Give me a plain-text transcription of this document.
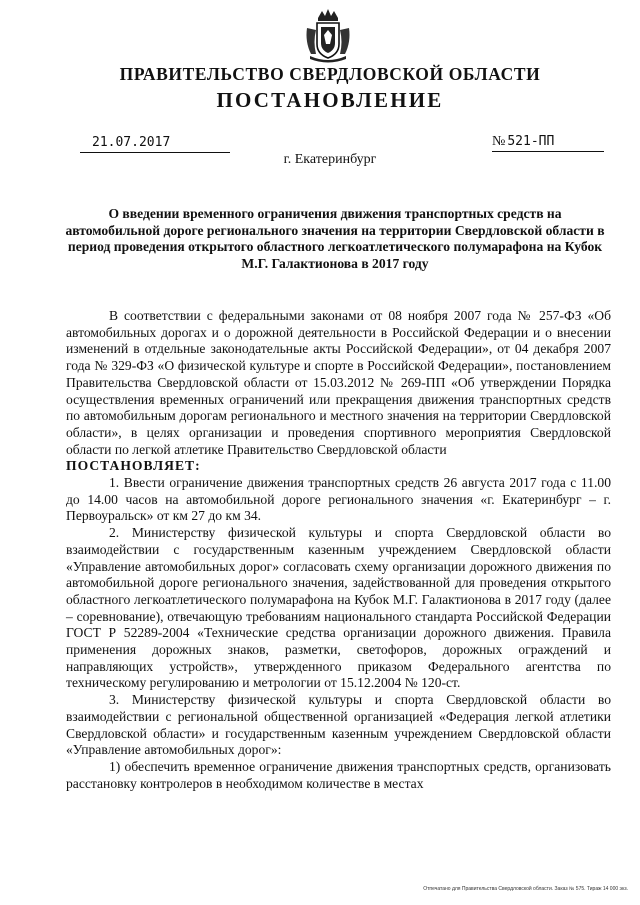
ПРАВИТЕЛЬСТВО СВЕРДЛОВСКОЙ ОБЛАСТИ
ПОСТАНОВЛЕНИЕ
21.07.2017	№ 521-ПП
г. Екатеринбург
О введении временного ограничения движения транспортных средств на автомобильной дороге регионального значения на территории Свердловской области в период проведения открытого областного легкоатлетического полумарафона на Кубок М.Г. Галактионова в 2017 году

В соответствии с федеральными законами от 08 ноября 2007 года № 257-ФЗ «Об автомобильных дорогах и о дорожной деятельности в Российской Федерации и о внесении изменений в отдельные законодательные акты Российской Федерации», от 04 декабря 2007 года № 329-ФЗ «О физической культуре и спорте в Российской Федерации», постановлением Правительства Свердловской области от 15.03.2012 № 269-ПП «Об утверждении Порядка осуществления временных ограничений или прекращения движения транспортных средств по автомобильным дорогам регионального и местного значения на территории Свердловской области», в целях организации и проведения спортивного мероприятия Свердловской области по легкой атлетике Правительство Свердловской области

ПОСТАНОВЛЯЕТ:

1. Ввести ограничение движения транспортных средств 26 августа 2017 года с 11.00 до 14.00 часов на автомобильной дороге регионального значения «г. Екатеринбург – г. Первоуральск» от км 27 до км 34.

2. Министерству физической культуры и спорта Свердловской области во взаимодействии с государственным казенным учреждением Свердловской области «Управление автомобильных дорог» согласовать схему организации дорожного движения по автомобильной дороге регионального значения, задействованной для проведения открытого областного легкоатлетического полумарафона на Кубок М.Г. Галактионова в 2017 году (далее – соревнование), отвечающую требованиям национального стандарта Российской Федерации ГОСТ Р 52289-2004 «Технические средства организации дорожного движения. Правила применения дорожных знаков, разметки, светофоров, дорожных ограждений и направляющих устройств», утвержденного приказом Федерального агентства по техническому регулированию и метрологии от 15.12.2004 № 120-ст.

3. Министерству физической культуры и спорта Свердловской области во взаимодействии с региональной общественной организацией «Федерация легкой атлетики Свердловской области» и государственным казенным учреждением Свердловской области «Управление автомобильных дорог»:

1) обеспечить временное ограничение движения транспортных средств, организовать расстановку контролеров в необходимом количестве в местах

Отпечатано для Правительства Свердловской области. Заказ № 575. Тираж 14 000 экз.
